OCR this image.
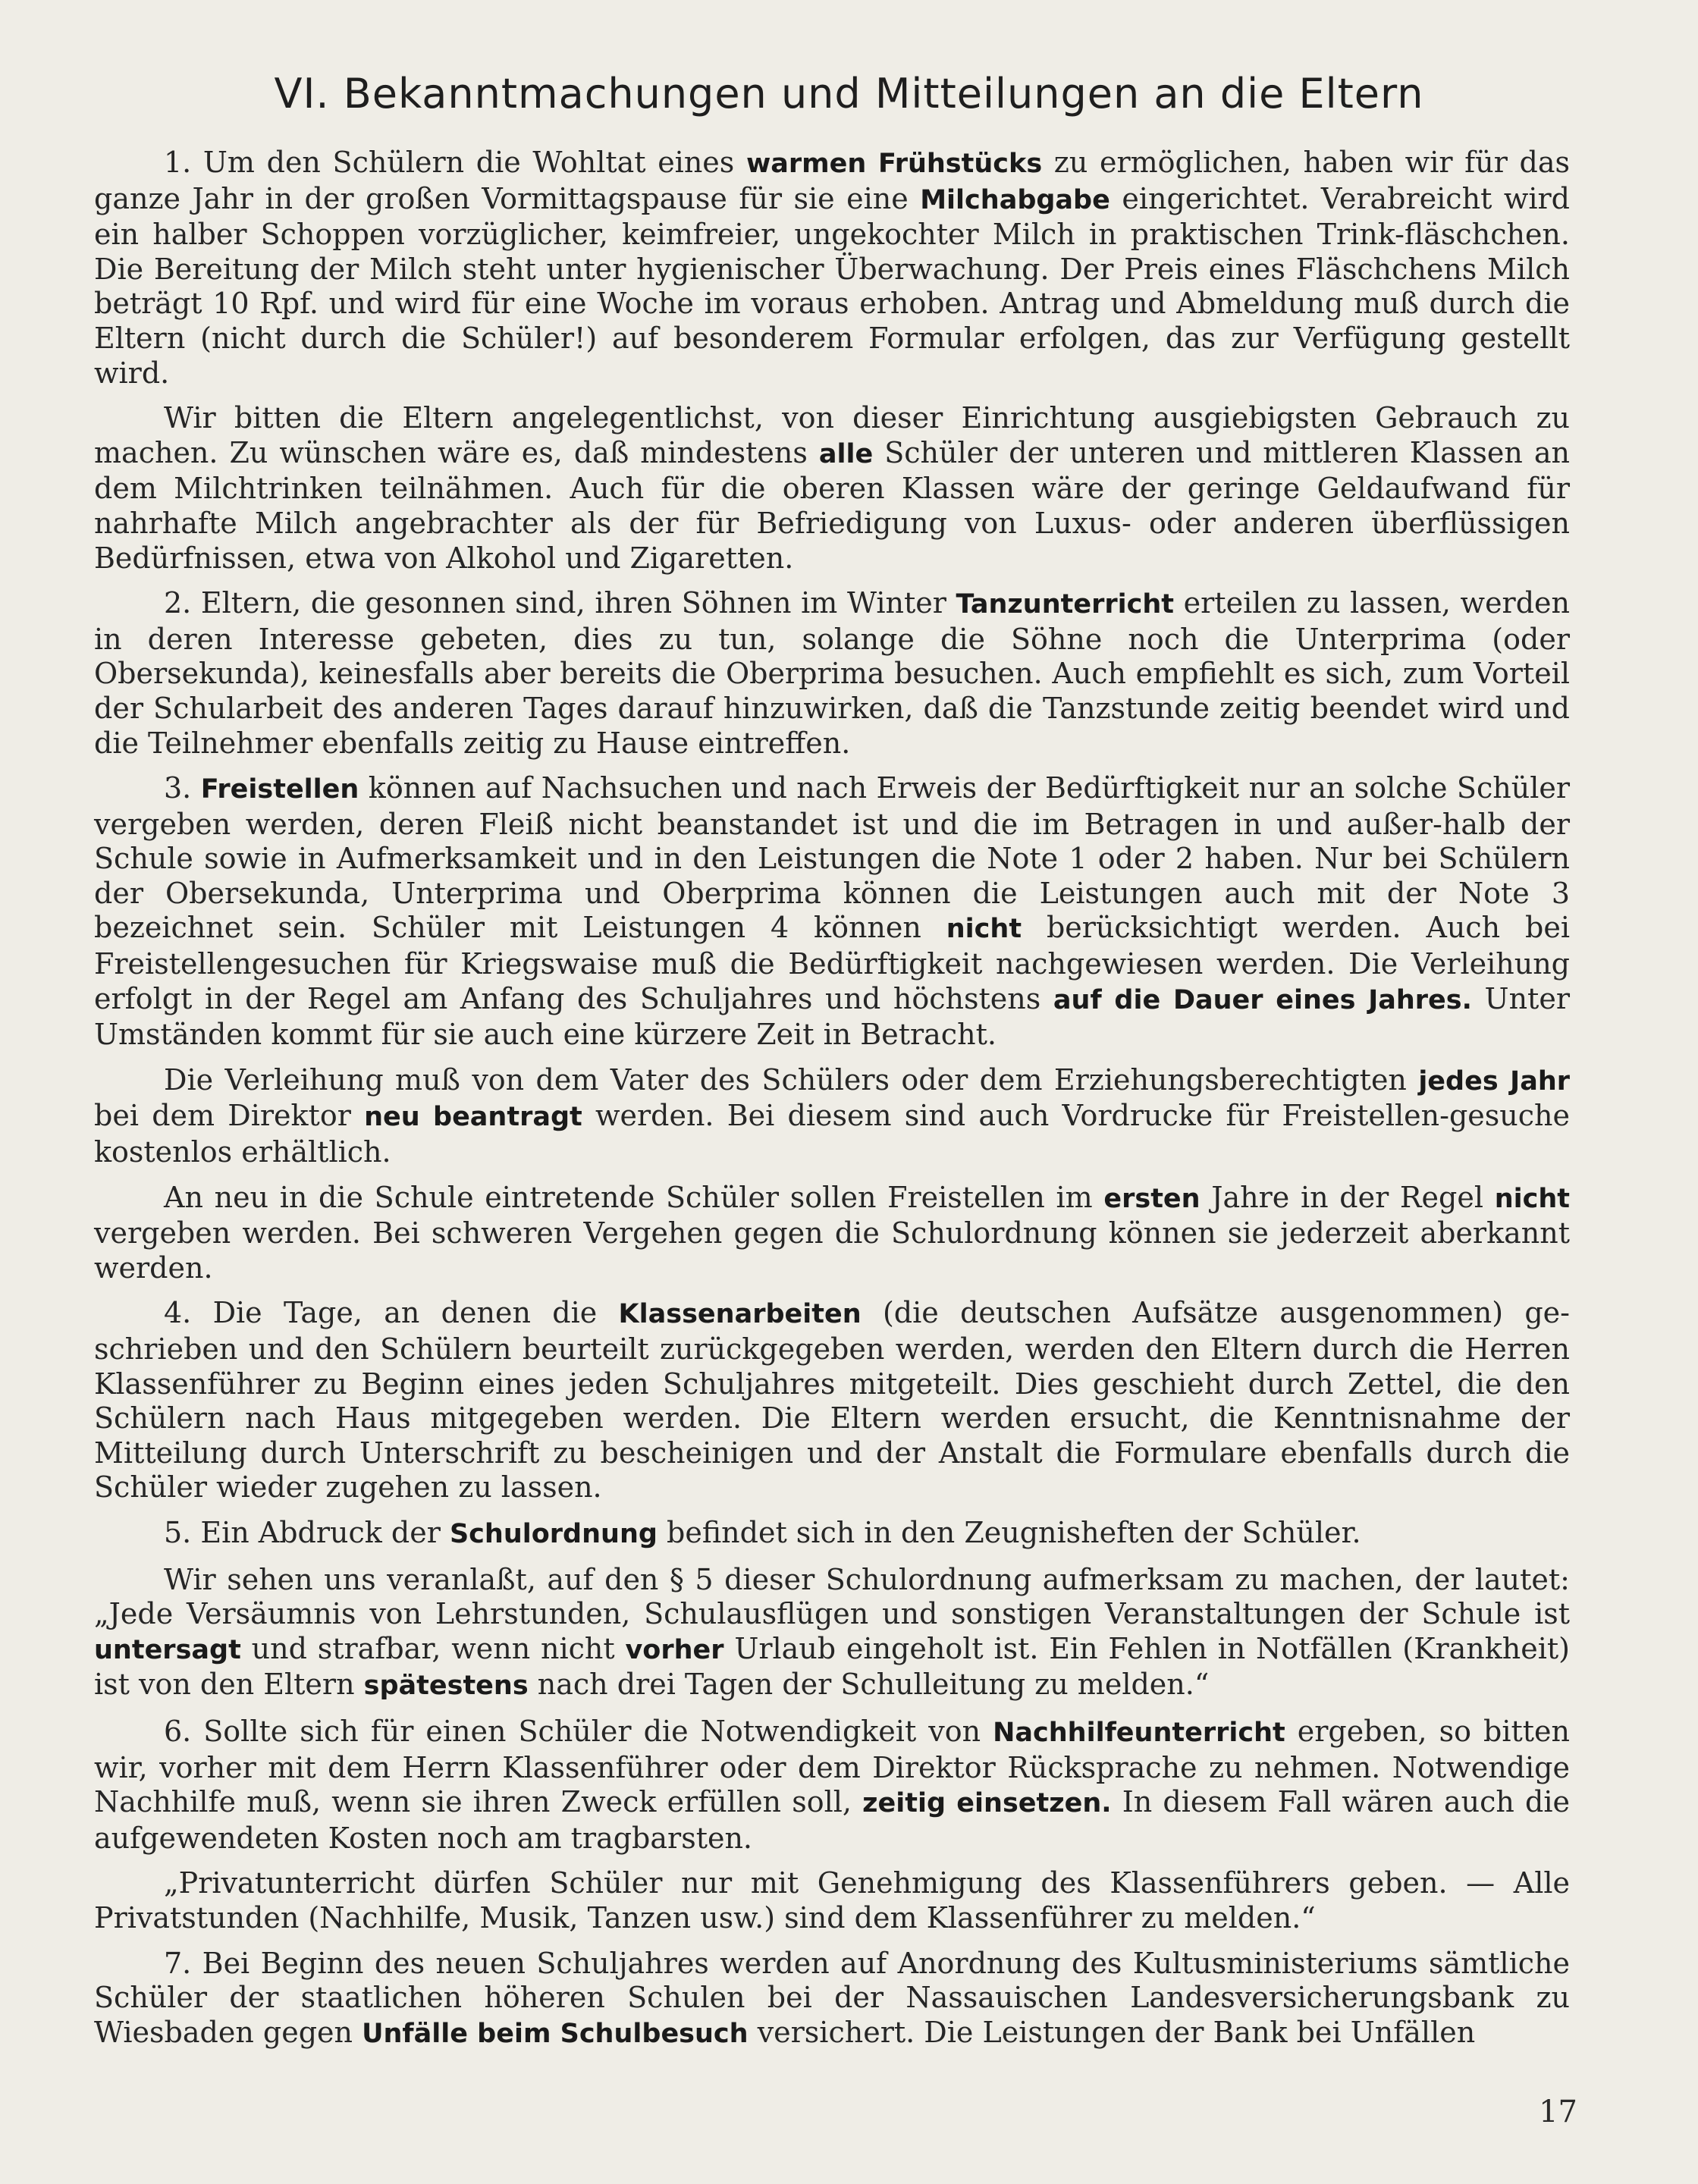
VI. Bekanntmachungen und Mitteilungen an die Eltern

1. Um den Schülern die Wohltat eines warmen Frühstücks zu ermöglichen, haben wir für das ganze Jahr in der großen Vormittagspause für sie eine Milchabgabe eingerichtet. Verabreicht wird ein halber Schoppen vorzüglicher, keimfreier, ungekochter Milch in praktischen Trink-fläschchen. Die Bereitung der Milch steht unter hygienischer Überwachung. Der Preis eines Fläschchens Milch beträgt 10 Rpf. und wird für eine Woche im voraus erhoben. Antrag und Abmeldung muß durch die Eltern (nicht durch die Schüler!) auf besonderem Formular erfolgen, das zur Verfügung gestellt wird.

Wir bitten die Eltern angelegentlichst, von dieser Einrichtung ausgiebigsten Gebrauch zu machen. Zu wünschen wäre es, daß mindestens alle Schüler der unteren und mittleren Klassen an dem Milchtrinken teilnähmen. Auch für die oberen Klassen wäre der geringe Geldaufwand für nahrhafte Milch angebrachter als der für Befriedigung von Luxus- oder anderen überflüssigen Bedürfnissen, etwa von Alkohol und Zigaretten.

2. Eltern, die gesonnen sind, ihren Söhnen im Winter Tanzunterricht erteilen zu lassen, werden in deren Interesse gebeten, dies zu tun, solange die Söhne noch die Unterprima (oder Obersekunda), keinesfalls aber bereits die Oberprima besuchen. Auch empfiehlt es sich, zum Vorteil der Schularbeit des anderen Tages darauf hinzuwirken, daß die Tanzstunde zeitig beendet wird und die Teilnehmer ebenfalls zeitig zu Hause eintreffen.

3. Freistellen können auf Nachsuchen und nach Erweis der Bedürftigkeit nur an solche Schüler vergeben werden, deren Fleiß nicht beanstandet ist und die im Betragen in und außer-halb der Schule sowie in Aufmerksamkeit und in den Leistungen die Note 1 oder 2 haben. Nur bei Schülern der Obersekunda, Unterprima und Oberprima können die Leistungen auch mit der Note 3 bezeichnet sein. Schüler mit Leistungen 4 können nicht berücksichtigt werden. Auch bei Freistellengesuchen für Kriegswaise muß die Bedürftigkeit nachgewiesen werden. Die Verleihung erfolgt in der Regel am Anfang des Schuljahres und höchstens auf die Dauer eines Jahres. Unter Umständen kommt für sie auch eine kürzere Zeit in Betracht.

Die Verleihung muß von dem Vater des Schülers oder dem Erziehungsberechtigten jedes Jahr bei dem Direktor neu beantragt werden. Bei diesem sind auch Vordrucke für Freistellen-gesuche kostenlos erhältlich.

An neu in die Schule eintretende Schüler sollen Freistellen im ersten Jahre in der Regel nicht vergeben werden. Bei schweren Vergehen gegen die Schulordnung können sie jederzeit aberkannt werden.

4. Die Tage, an denen die Klassenarbeiten (die deutschen Aufsätze ausgenommen) ge-schrieben und den Schülern beurteilt zurückgegeben werden, werden den Eltern durch die Herren Klassenführer zu Beginn eines jeden Schuljahres mitgeteilt. Dies geschieht durch Zettel, die den Schülern nach Haus mitgegeben werden. Die Eltern werden ersucht, die Kenntnisnahme der Mitteilung durch Unterschrift zu bescheinigen und der Anstalt die Formulare ebenfalls durch die Schüler wieder zugehen zu lassen.

5. Ein Abdruck der Schulordnung befindet sich in den Zeugnisheften der Schüler.

Wir sehen uns veranlaßt, auf den § 5 dieser Schulordnung aufmerksam zu machen, der lautet: „Jede Versäumnis von Lehrstunden, Schulausflügen und sonstigen Veranstaltungen der Schule ist untersagt und strafbar, wenn nicht vorher Urlaub eingeholt ist. Ein Fehlen in Notfällen (Krankheit) ist von den Eltern spätestens nach drei Tagen der Schulleitung zu melden.“

6. Sollte sich für einen Schüler die Notwendigkeit von Nachhilfeunterricht ergeben, so bitten wir, vorher mit dem Herrn Klassenführer oder dem Direktor Rücksprache zu nehmen. Notwendige Nachhilfe muß, wenn sie ihren Zweck erfüllen soll, zeitig einsetzen. In diesem Fall wären auch die aufgewendeten Kosten noch am tragbarsten.

„Privatunterricht dürfen Schüler nur mit Genehmigung des Klassenführers geben. — Alle Privatstunden (Nachhilfe, Musik, Tanzen usw.) sind dem Klassenführer zu melden.“

7. Bei Beginn des neuen Schuljahres werden auf Anordnung des Kultusministeriums sämtliche Schüler der staatlichen höheren Schulen bei der Nassauischen Landesversicherungsbank zu Wiesbaden gegen Unfälle beim Schulbesuch versichert. Die Leistungen der Bank bei Unfällen

17
